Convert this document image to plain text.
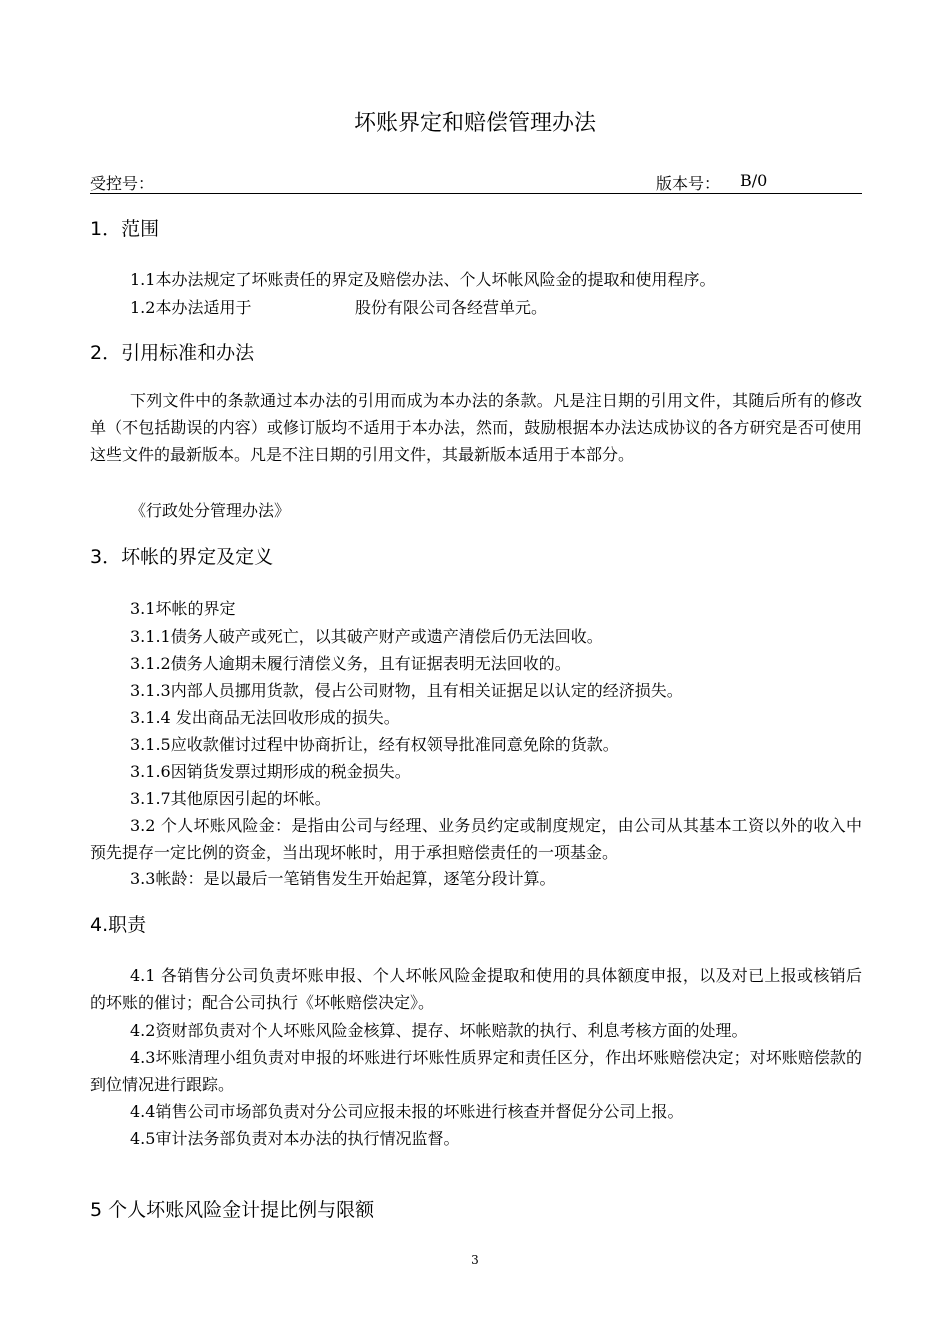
坏账界定和赔偿管理办法
受控号：	版本号： B/0
1．范围
1.1本办法规定了坏账责任的界定及赔偿办法、个人坏帐风险金的提取和使用程序。
1.2本办法适用于	股份有限公司各经营单元。
2．引用标准和办法
下列文件中的条款通过本办法的引用而成为本办法的条款。凡是注日期的引用文件，其随后所有的修改单（不包括勘误的内容）或修订版均不适用于本办法，然而，鼓励根据本办法达成协议的各方研究是否可使用这些文件的最新版本。凡是不注日期的引用文件，其最新版本适用于本部分。
《行政处分管理办法》
3．坏帐的界定及定义
3.1坏帐的界定
3.1.1债务人破产或死亡，以其破产财产或遗产清偿后仍无法回收。
3.1.2债务人逾期未履行清偿义务，且有证据表明无法回收的。
3.1.3内部人员挪用货款，侵占公司财物，且有相关证据足以认定的经济损失。
3.1.4 发出商品无法回收形成的损失。
3.1.5应收款催讨过程中协商折让，经有权领导批准同意免除的货款。
3.1.6因销货发票过期形成的税金损失。
3.1.7其他原因引起的坏帐。
3.2 个人坏账风险金：是指由公司与经理、业务员约定或制度规定，由公司从其基本工资以外的收入中预先提存一定比例的资金，当出现坏帐时，用于承担赔偿责任的一项基金。
3.3帐龄：是以最后一笔销售发生开始起算，逐笔分段计算。
4.职责
4.1 各销售分公司负责坏账申报、个人坏帐风险金提取和使用的具体额度申报，以及对已上报或核销后的坏账的催讨；配合公司执行《坏帐赔偿决定》。
4.2资财部负责对个人坏账风险金核算、提存、坏帐赔款的执行、利息考核方面的处理。
4.3坏账清理小组负责对申报的坏账进行坏账性质界定和责任区分，作出坏账赔偿决定；对坏账赔偿款的到位情况进行跟踪。
4.4销售公司市场部负责对分公司应报未报的坏账进行核查并督促分公司上报。
4.5审计法务部负责对本办法的执行情况监督。
5 个人坏账风险金计提比例与限额
3
